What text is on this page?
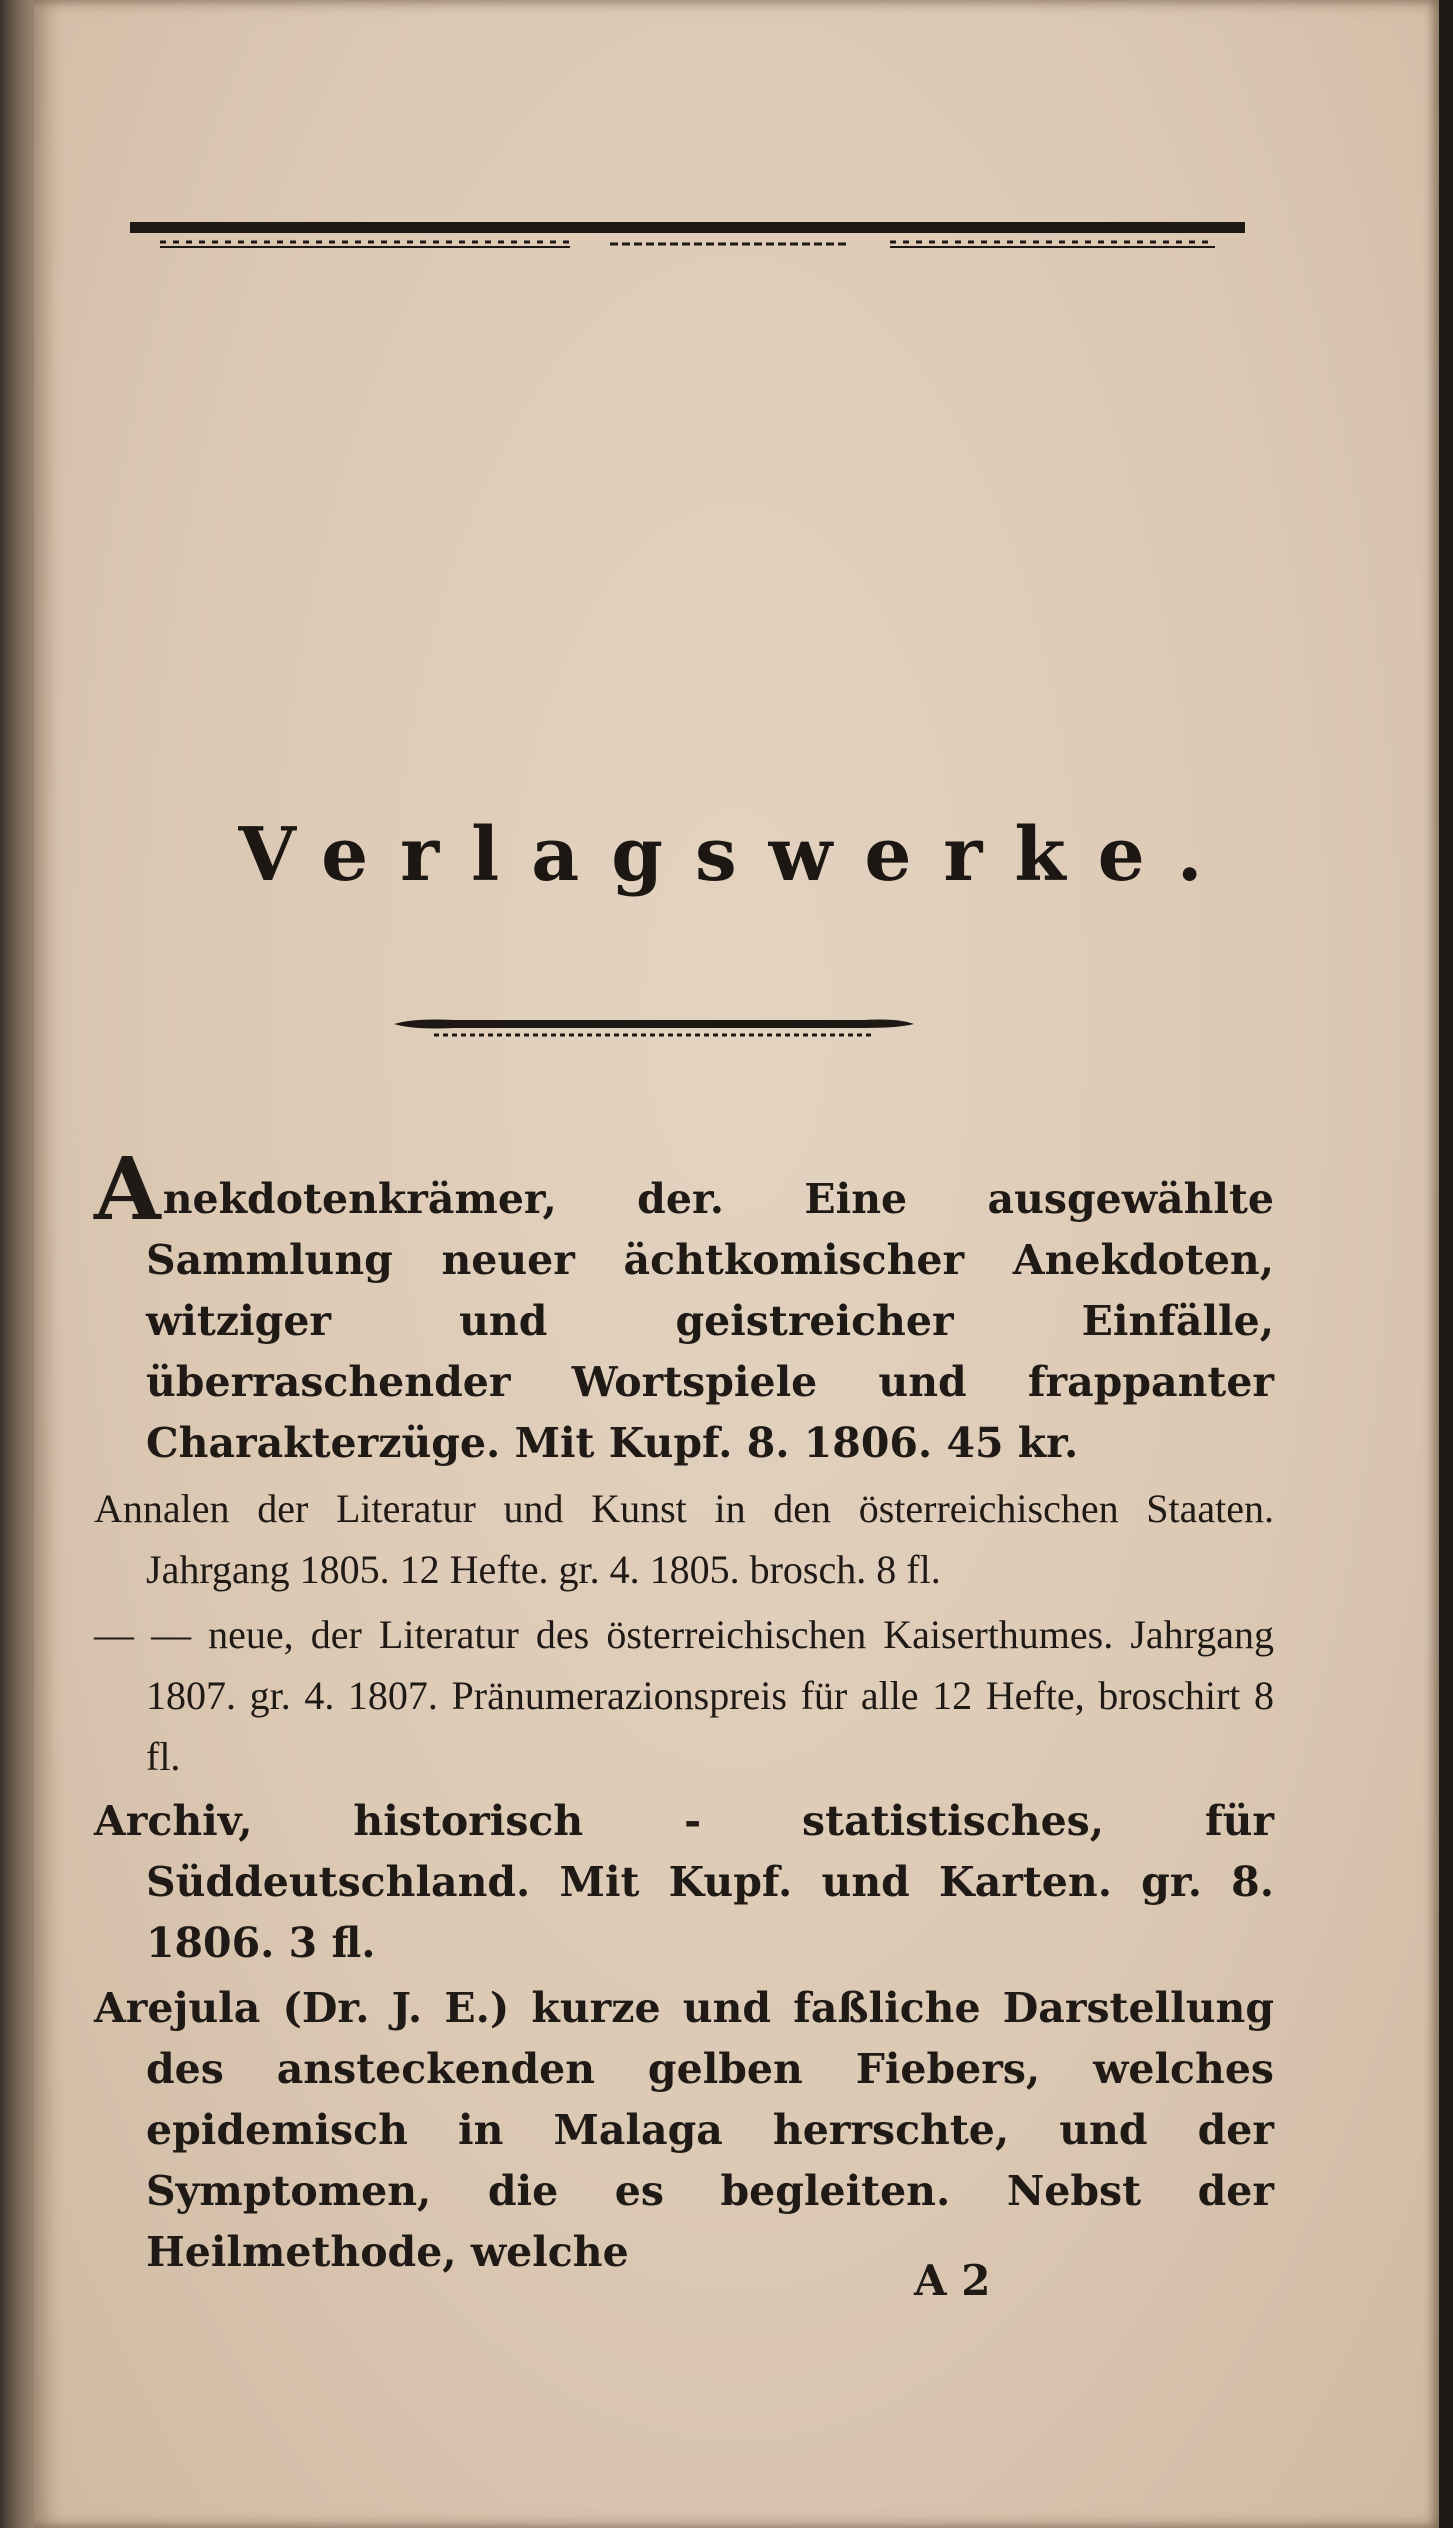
Verlagswerke.

Anekdotenkrämer, der. Eine ausgewählte Sammlung neuer ächtkomischer Anekdoten, witziger und geistreicher Einfälle, überraschender Wortspiele und frappanter Charakterzüge. Mit Kupf. 8. 1806. 45 kr.

Annalen der Literatur und Kunst in den österreichischen Staaten. Jahrgang 1805. 12 Hefte. gr. 4. 1805. brosch. 8 fl.

— — neue, der Literatur des österreichischen Kaiserthumes. Jahrgang 1807. gr. 4. 1807. Pränumerazionspreis für alle 12 Hefte, broschirt 8 fl.

Archiv, historisch - statistisches, für Süddeutschland. Mit Kupf. und Karten. gr. 8. 1806. 3 fl.

Arejula (Dr. J. E.) kurze und faßliche Darstellung des ansteckenden gelben Fiebers, welches epidemisch in Malaga herrschte, und der Symptomen, die es begleiten. Nebst der Heilmethode, welche

A 2
